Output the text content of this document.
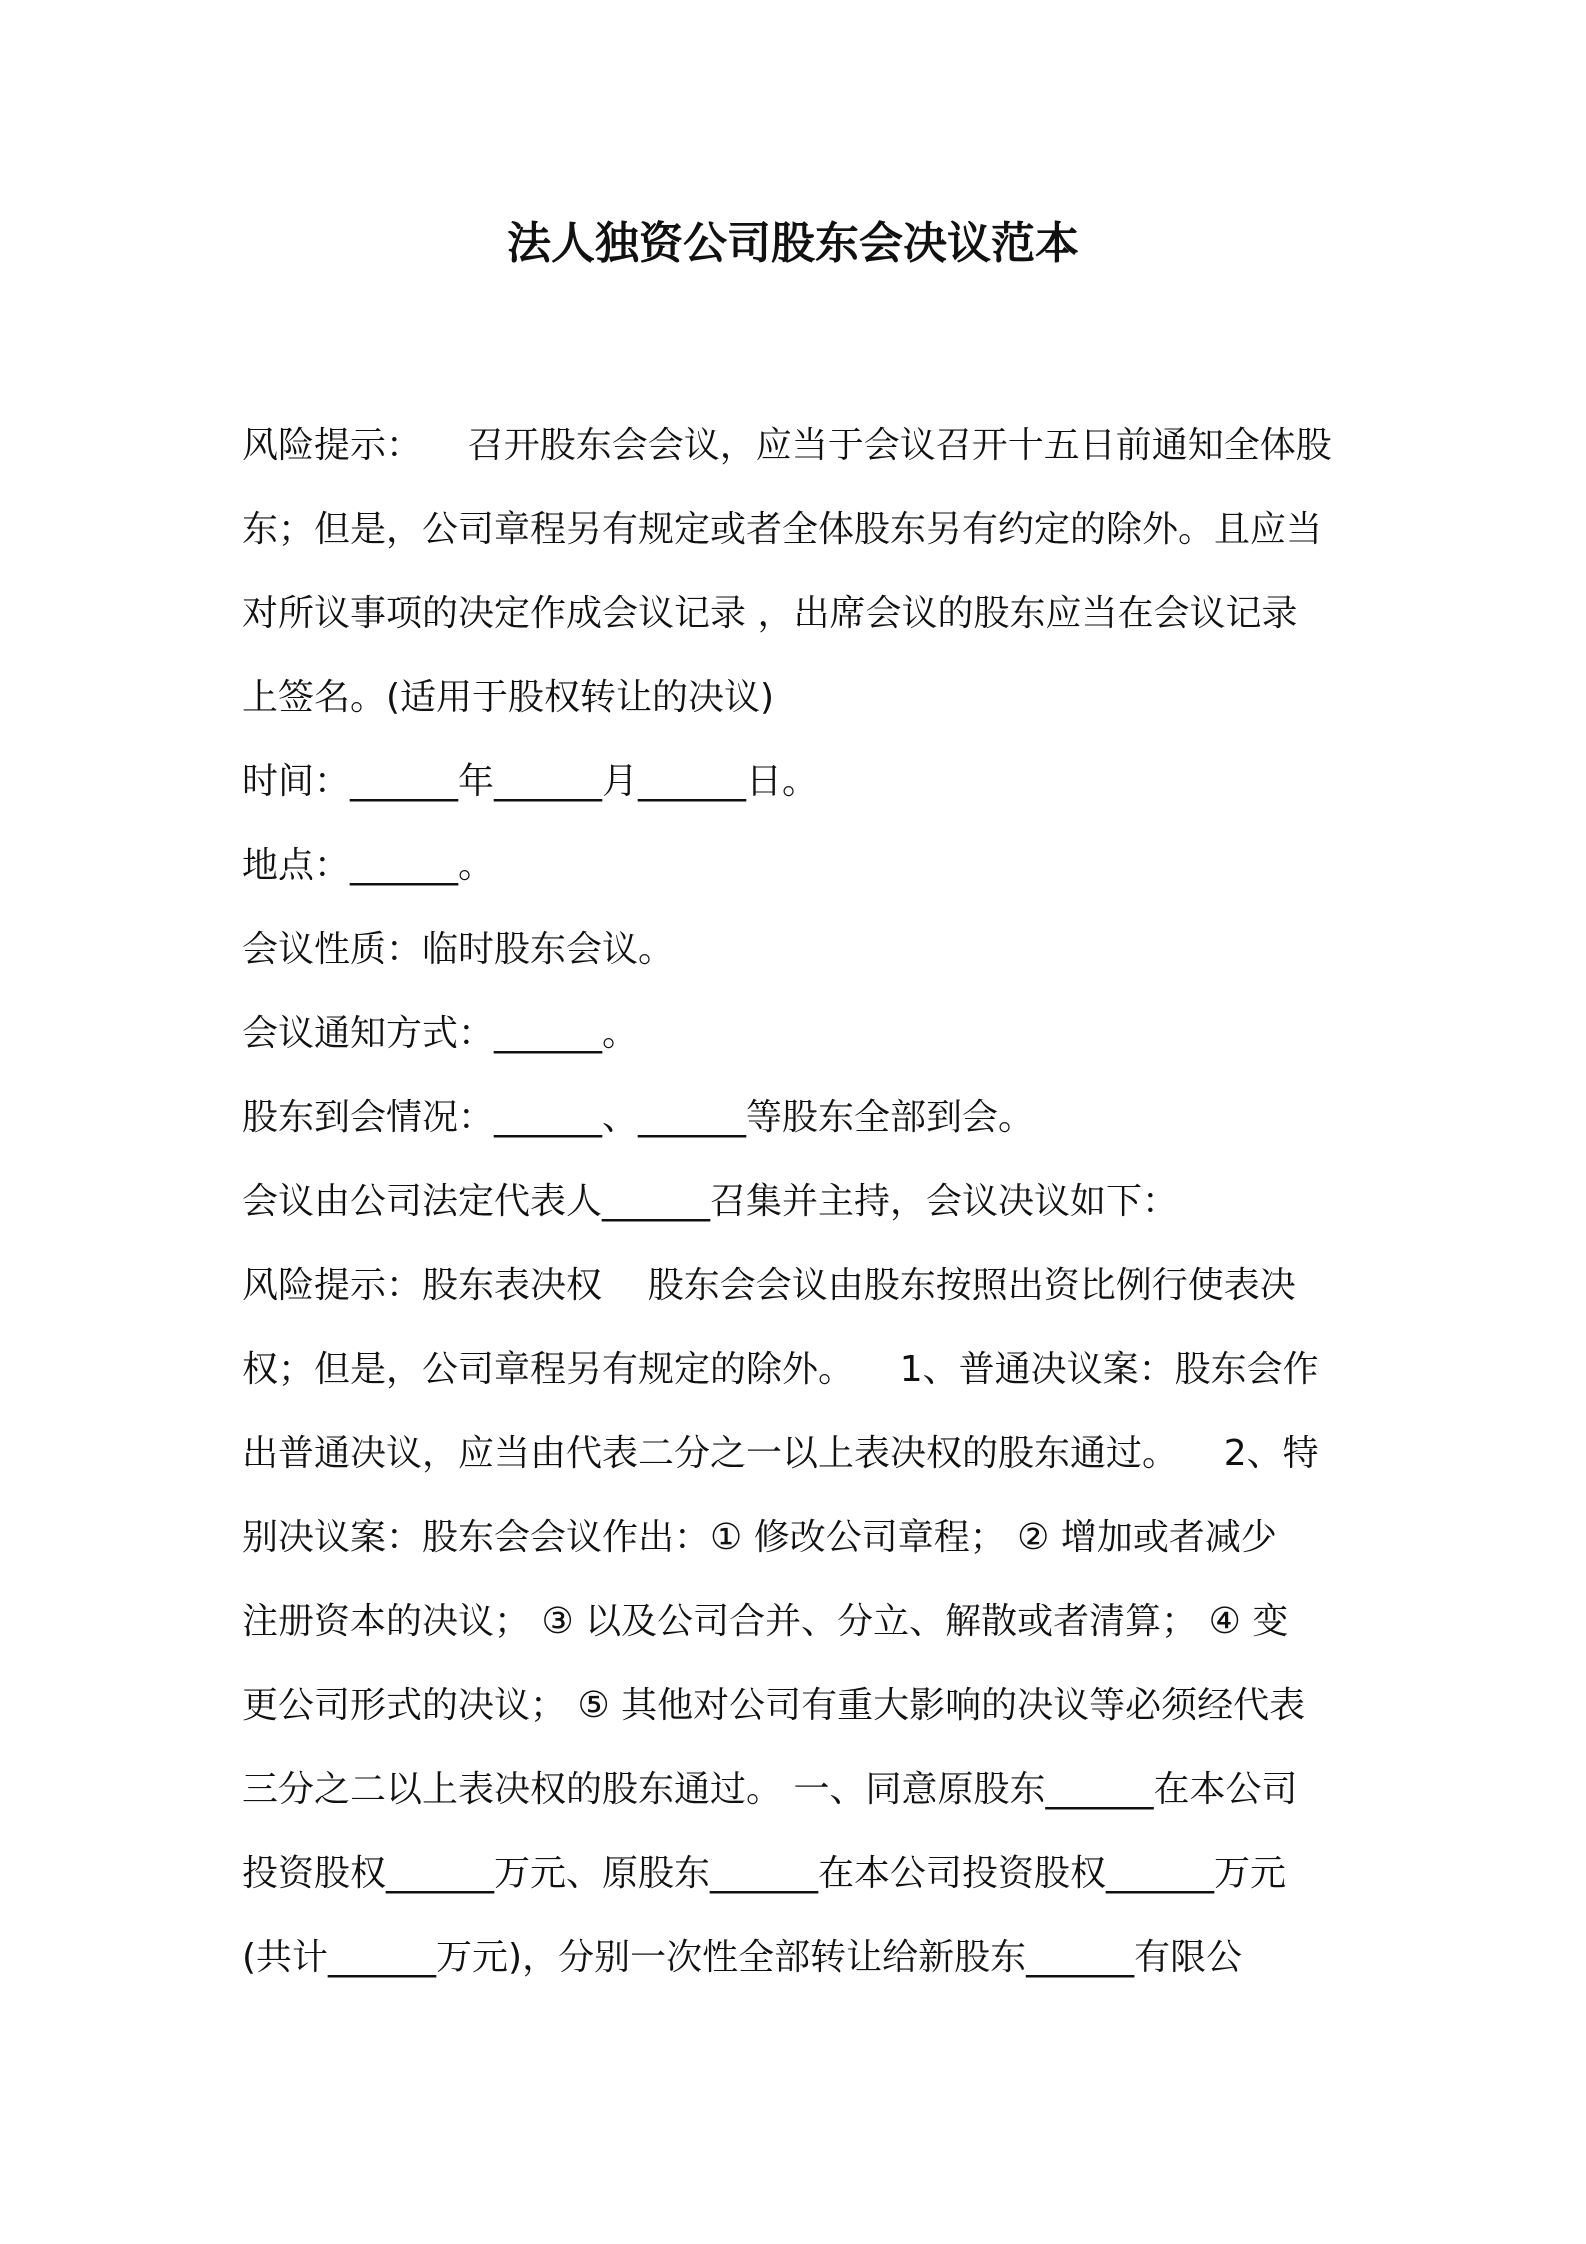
法人独资公司股东会决议范本

风险提示：    召开股东会会议，应当于会议召开十五日前通知全体股

东；但是，公司章程另有规定或者全体股东另有约定的除外。且应当

对所议事项的决定作成会议记录 ，出席会议的股东应当在会议记录

上签名。(适用于股权转让的决议)

时间：______年______月______日。

地点：______。

会议性质：临时股东会议。

会议通知方式：______。

股东到会情况：______、______等股东全部到会。

会议由公司法定代表人______召集并主持，会议决议如下：

风险提示：股东表决权    股东会会议由股东按照出资比例行使表决

权；但是，公司章程另有规定的除外。    1、普通决议案：股东会作

出普通决议，应当由代表二分之一以上表决权的股东通过。    2、特

别决议案：股东会会议作出：① 修改公司章程； ② 增加或者减少

注册资本的决议； ③ 以及公司合并、分立、解散或者清算； ④ 变

更公司形式的决议； ⑤ 其他对公司有重大影响的决议等必须经代表

三分之二以上表决权的股东通过。 一、同意原股东______在本公司

投资股权______万元、原股东______在本公司投资股权______万元

(共计______万元)，分别一次性全部转让给新股东______有限公
